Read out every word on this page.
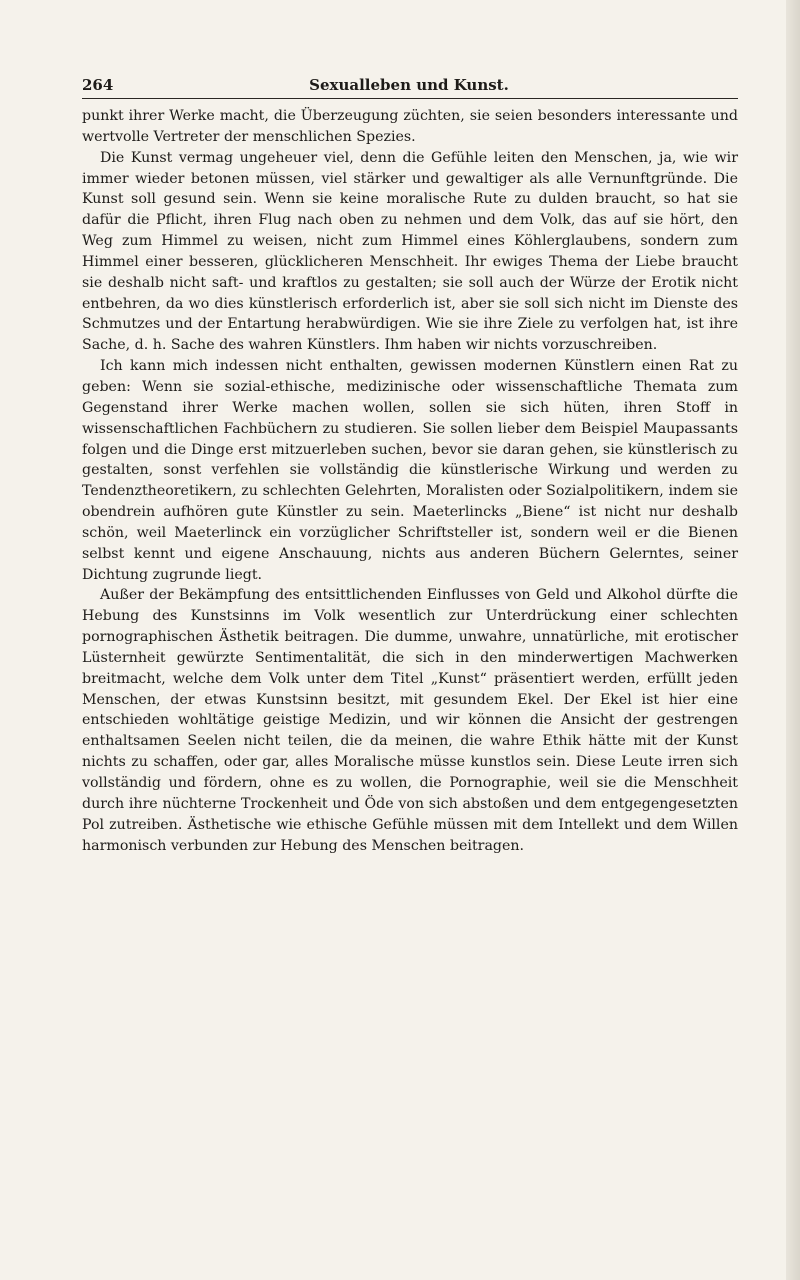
264	Sexualleben und Kunst.

punkt ihrer Werke macht, die Überzeugung züchten, sie seien besonders interessante und wertvolle Vertreter der menschlichen Spezies.

Die Kunst vermag ungeheuer viel, denn die Gefühle leiten den Menschen, ja, wie wir immer wieder betonen müssen, viel stärker und gewaltiger als alle Vernunftgründe. Die Kunst soll gesund sein. Wenn sie keine moralische Rute zu dulden braucht, so hat sie dafür die Pflicht, ihren Flug nach oben zu nehmen und dem Volk, das auf sie hört, den Weg zum Himmel zu weisen, nicht zum Himmel eines Köhlerglaubens, sondern zum Himmel einer besseren, glücklicheren Menschheit. Ihr ewiges Thema der Liebe braucht sie deshalb nicht saft- und kraftlos zu gestalten; sie soll auch der Würze der Erotik nicht entbehren, da wo dies künstlerisch erforderlich ist, aber sie soll sich nicht im Dienste des Schmutzes und der Entartung herabwürdigen. Wie sie ihre Ziele zu verfolgen hat, ist ihre Sache, d. h. Sache des wahren Künstlers. Ihm haben wir nichts vorzuschreiben.

Ich kann mich indessen nicht enthalten, gewissen modernen Künstlern einen Rat zu geben: Wenn sie sozial-ethische, medizinische oder wissenschaftliche Themata zum Gegenstand ihrer Werke machen wollen, sollen sie sich hüten, ihren Stoff in wissenschaftlichen Fachbüchern zu studieren. Sie sollen lieber dem Beispiel Maupassants folgen und die Dinge erst mitzuerleben suchen, bevor sie daran gehen, sie künstlerisch zu gestalten, sonst verfehlen sie vollständig die künstlerische Wirkung und werden zu Tendenztheoretikern, zu schlechten Gelehrten, Moralisten oder Sozialpolitikern, indem sie obendrein aufhören gute Künstler zu sein. Maeterlincks „Biene“ ist nicht nur deshalb schön, weil Maeterlinck ein vorzüglicher Schriftsteller ist, sondern weil er die Bienen selbst kennt und eigene Anschauung, nichts aus anderen Büchern Gelerntes, seiner Dichtung zugrunde liegt.

Außer der Bekämpfung des entsittlichenden Einflusses von Geld und Alkohol dürfte die Hebung des Kunstsinns im Volk wesentlich zur Unterdrückung einer schlechten pornographischen Ästhetik beitragen. Die dumme, unwahre, unnatürliche, mit erotischer Lüsternheit gewürzte Sentimentalität, die sich in den minderwertigen Machwerken breitmacht, welche dem Volk unter dem Titel „Kunst“ präsentiert werden, erfüllt jeden Menschen, der etwas Kunstsinn besitzt, mit gesundem Ekel. Der Ekel ist hier eine entschieden wohltätige geistige Medizin, und wir können die Ansicht der gestrengen enthaltsamen Seelen nicht teilen, die da meinen, die wahre Ethik hätte mit der Kunst nichts zu schaffen, oder gar, alles Moralische müsse kunstlos sein. Diese Leute irren sich vollständig und fördern, ohne es zu wollen, die Pornographie, weil sie die Menschheit durch ihre nüchterne Trockenheit und Öde von sich abstoßen und dem entgegengesetzten Pol zutreiben. Ästhetische wie ethische Gefühle müssen mit dem Intellekt und dem Willen harmonisch verbunden zur Hebung des Menschen beitragen.
